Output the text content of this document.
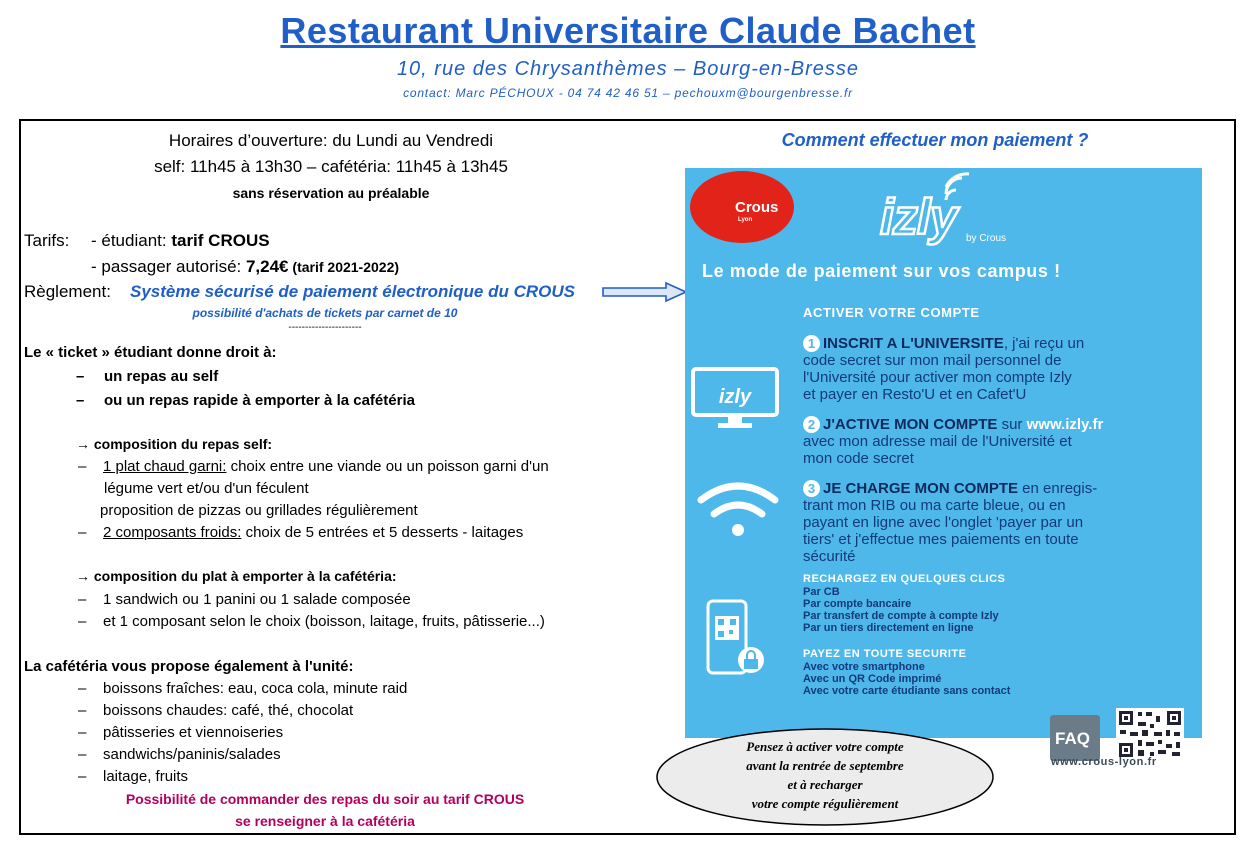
Restaurant Universitaire Claude Bachet
10, rue des Chrysanthèmes – Bourg-en-Bresse
contact: Marc PÉCHOUX - 04 74 42 46 51 – pechouxm@bourgenbresse.fr
Horaires d’ouverture: du Lundi au Vendredi
self: 11h45 à 13h30 – cafétéria: 11h45 à 13h45
sans réservation au préalable
Tarifs: - étudiant: tarif CROUS
- passager autorisé: 7,24€ (tarif 2021-2022)
Règlement: Système sécurisé de paiement électronique du CROUS
possibilité d'achats de tickets par carnet de 10
----------------------
Le « ticket » étudiant donne droit à:
– un repas au self
– ou un repas rapide à emporter à la cafétéria
→ composition du repas self:
– 1 plat chaud garni: choix entre une viande ou un poisson garni d'un
légume vert et/ou d'un féculent
proposition de pizzas ou grillades régulièrement
– 2 composants froids: choix de 5 entrées et 5 desserts - laitages
→ composition du plat à emporter à la cafétéria:
– 1 sandwich ou 1 panini ou 1 salade composée
– et 1 composant selon le choix (boisson, laitage, fruits, pâtisserie...)
La cafétéria vous propose également à l'unité:
– boissons fraîches: eau, coca cola, minute raid
– boissons chaudes: café, thé, chocolat
– pâtisseries et viennoiseries
– sandwichs/paninis/salades
– laitage, fruits
Possibilité de commander des repas du soir au tarif CROUS
se renseigner à la cafétéria
Comment effectuer mon paiement ?
Crous
Lyon	izly by Crous
Le mode de paiement sur vos campus !
ACTIVER VOTRE COMPTE
1 INSCRIT A L'UNIVERSITE, j'ai reçu un
code secret sur mon mail personnel de
l'Université pour activer mon compte Izly
et payer en Resto'U et en Cafet'U
2 J'ACTIVE MON COMPTE sur www.izly.fr
avec mon adresse mail de l'Université et
mon code secret
3 JE CHARGE MON COMPTE en enregis-
trant mon RIB ou ma carte bleue, ou en
payant en ligne avec l'onglet 'payer par un
tiers' et j'effectue mes paiements en toute
sécurité
RECHARGEZ EN QUELQUES CLICS
Par CB
Par compte bancaire
Par transfert de compte à compte Izly
Par un tiers directement en ligne
PAYEZ EN TOUTE SECURITE
Avec votre smartphone
Avec un QR Code imprimé
Avec votre carte étudiante sans contact
izly
FAQ
www.crous-lyon.fr
Pensez à activer votre compte
avant la rentrée de septembre
et à recharger
votre compte régulièrement
